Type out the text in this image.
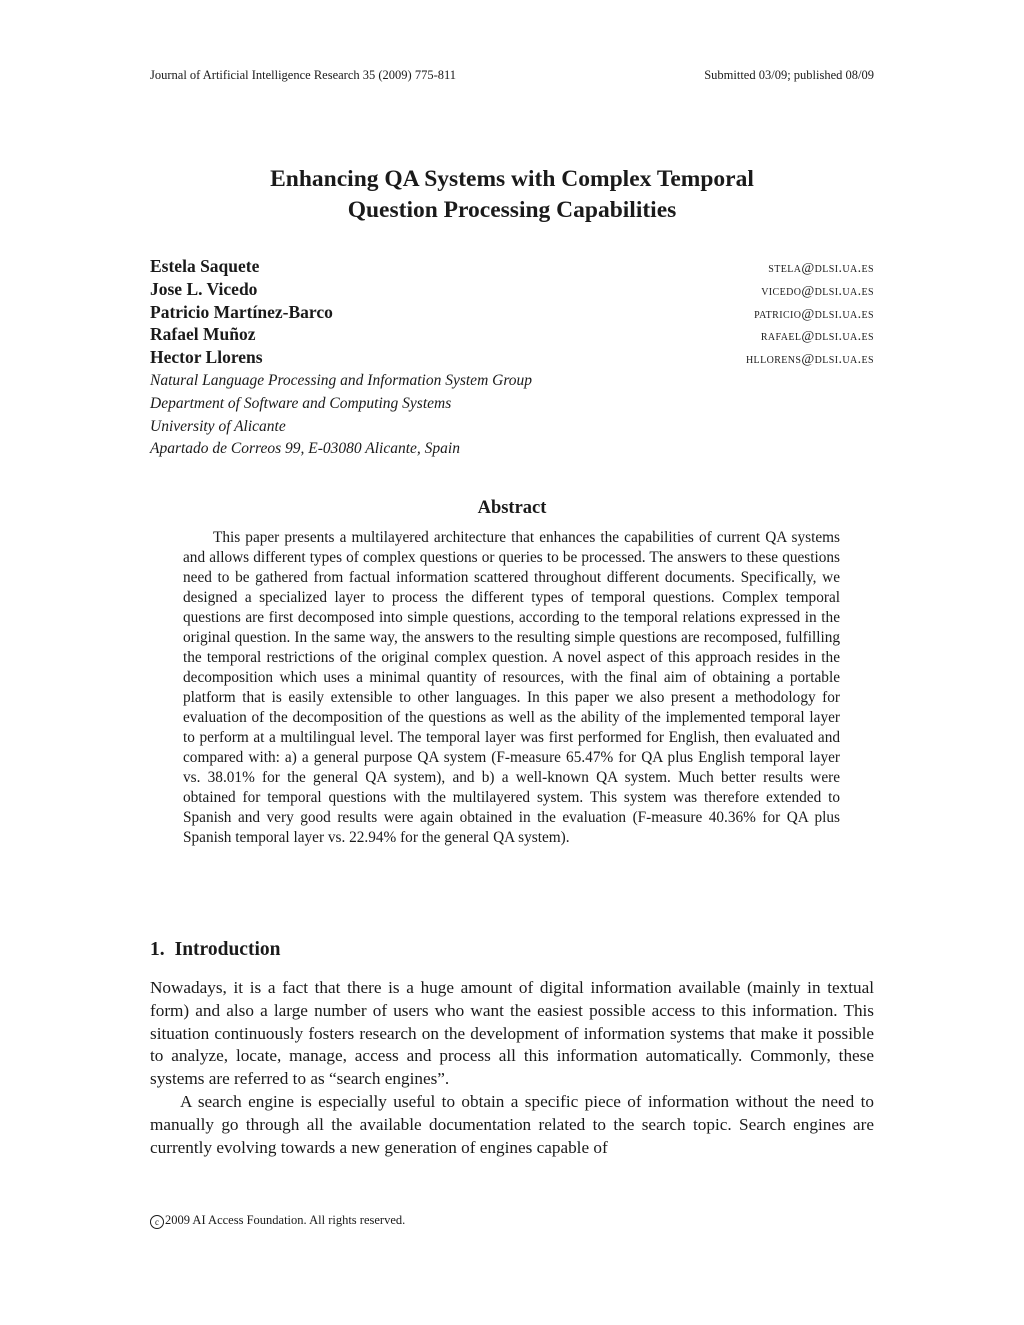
Journal of Artificial Intelligence Research 35 (2009) 775-811	Submitted 03/09; published 08/09
Enhancing QA Systems with Complex Temporal
Question Processing Capabilities
Estela Saquete	stela@dlsi.ua.es
Jose L. Vicedo	vicedo@dlsi.ua.es
Patricio Martínez-Barco	patricio@dlsi.ua.es
Rafael Muñoz	rafael@dlsi.ua.es
Hector Llorens	hllorens@dlsi.ua.es
Natural Language Processing and Information System Group
Department of Software and Computing Systems
University of Alicante
Apartado de Correos 99, E-03080 Alicante, Spain
Abstract

This paper presents a multilayered architecture that enhances the capabilities of current QA systems and allows different types of complex questions or queries to be processed. The answers to these questions need to be gathered from factual information scattered throughout different documents. Specifically, we designed a specialized layer to process the different types of temporal questions. Complex temporal questions are first decomposed into simple questions, according to the temporal relations expressed in the original question. In the same way, the answers to the resulting simple questions are recomposed, fulfilling the temporal restrictions of the original complex question. A novel aspect of this approach resides in the decomposition which uses a minimal quantity of resources, with the final aim of obtaining a portable platform that is easily extensible to other languages. In this paper we also present a methodology for evaluation of the decomposition of the questions as well as the ability of the implemented temporal layer to perform at a multilingual level. The temporal layer was first performed for English, then evaluated and compared with: a) a general purpose QA system (F-measure 65.47% for QA plus English temporal layer vs. 38.01% for the general QA system), and b) a well-known QA system. Much better results were obtained for temporal questions with the multilayered system. This system was therefore extended to Spanish and very good results were again obtained in the evaluation (F-measure 40.36% for QA plus Spanish temporal layer vs. 22.94% for the general QA system).

1. Introduction

Nowadays, it is a fact that there is a huge amount of digital information available (mainly in textual form) and also a large number of users who want the easiest possible access to this information. This situation continuously fosters research on the development of information systems that make it possible to analyze, locate, manage, access and process all this information automatically. Commonly, these systems are referred to as “search engines”.

A search engine is especially useful to obtain a specific piece of information without the need to manually go through all the available documentation related to the search topic. Search engines are currently evolving towards a new generation of engines capable of

c 2009 AI Access Foundation. All rights reserved.
